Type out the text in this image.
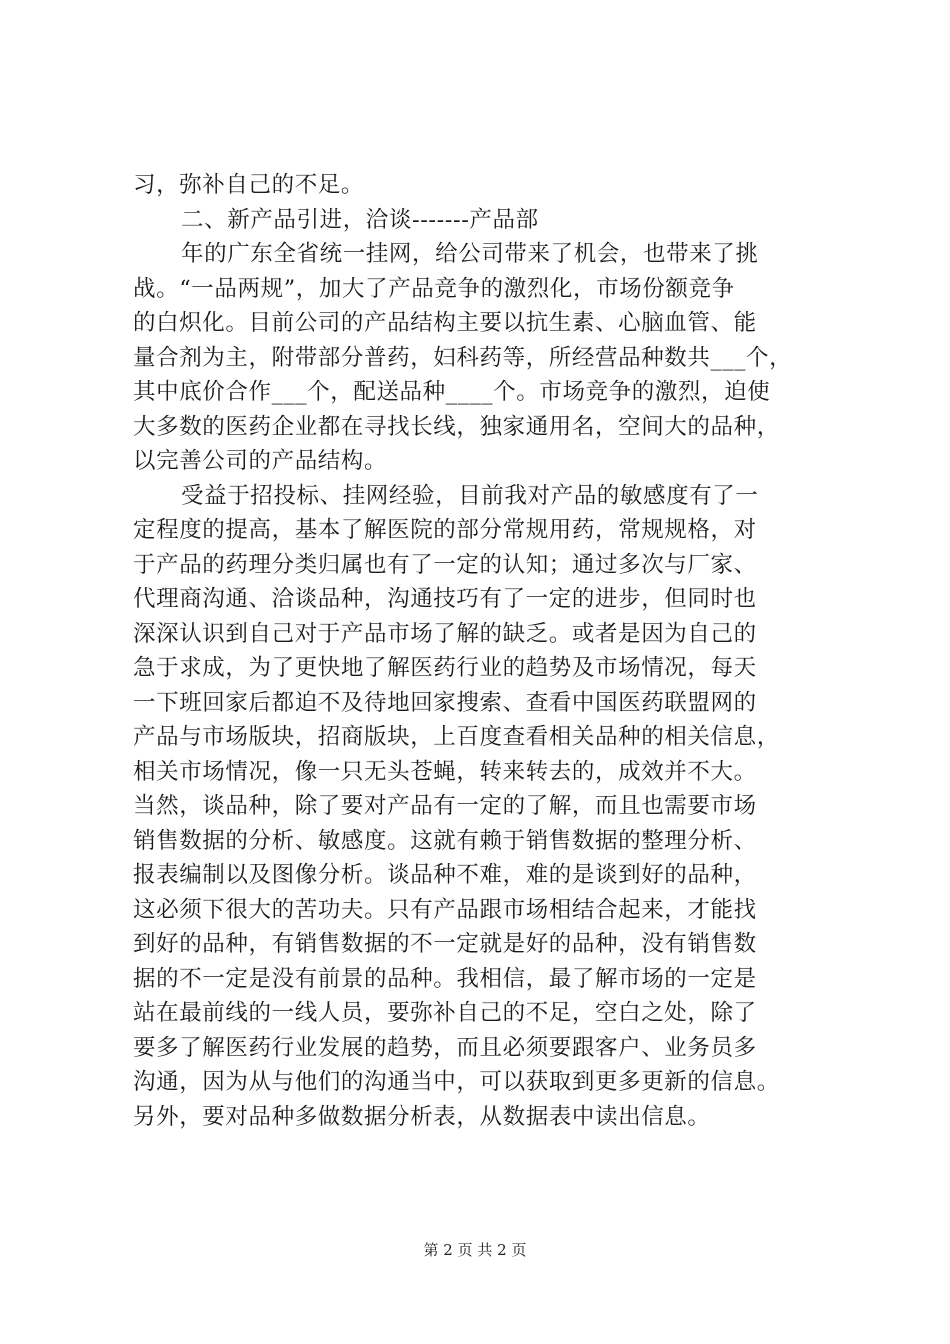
习，弥补自己的不足。
二、新产品引进，洽谈-------产品部
年的广东全省统一挂网，给公司带来了机会，也带来了挑
战。“一品两规”，加大了产品竞争的激烈化，市场份额竞争
的白炽化。目前公司的产品结构主要以抗生素、心脑血管、能
量合剂为主，附带部分普药，妇科药等，所经营品种数共___个，
其中底价合作___个，配送品种____个。市场竞争的激烈，迫使
大多数的医药企业都在寻找长线，独家通用名，空间大的品种，
以完善公司的产品结构。
受益于招投标、挂网经验，目前我对产品的敏感度有了一
定程度的提高，基本了解医院的部分常规用药，常规规格，对
于产品的药理分类归属也有了一定的认知；通过多次与厂家、
代理商沟通、洽谈品种，沟通技巧有了一定的进步，但同时也
深深认识到自己对于产品市场了解的缺乏。或者是因为自己的
急于求成，为了更快地了解医药行业的趋势及市场情况，每天
一下班回家后都迫不及待地回家搜索、查看中国医药联盟网的
产品与市场版块，招商版块，上百度查看相关品种的相关信息，
相关市场情况，像一只无头苍蝇，转来转去的，成效并不大。
当然，谈品种，除了要对产品有一定的了解，而且也需要市场
销售数据的分析、敏感度。这就有赖于销售数据的整理分析、
报表编制以及图像分析。谈品种不难，难的是谈到好的品种，
这必须下很大的苦功夫。只有产品跟市场相结合起来，才能找
到好的品种，有销售数据的不一定就是好的品种，没有销售数
据的不一定是没有前景的品种。我相信，最了解市场的一定是
站在最前线的一线人员，要弥补自己的不足，空白之处，除了
要多了解医药行业发展的趋势，而且必须要跟客户、业务员多
沟通，因为从与他们的沟通当中，可以获取到更多更新的信息。
另外，要对品种多做数据分析表，从数据表中读出信息。
第 2 页 共 2 页
